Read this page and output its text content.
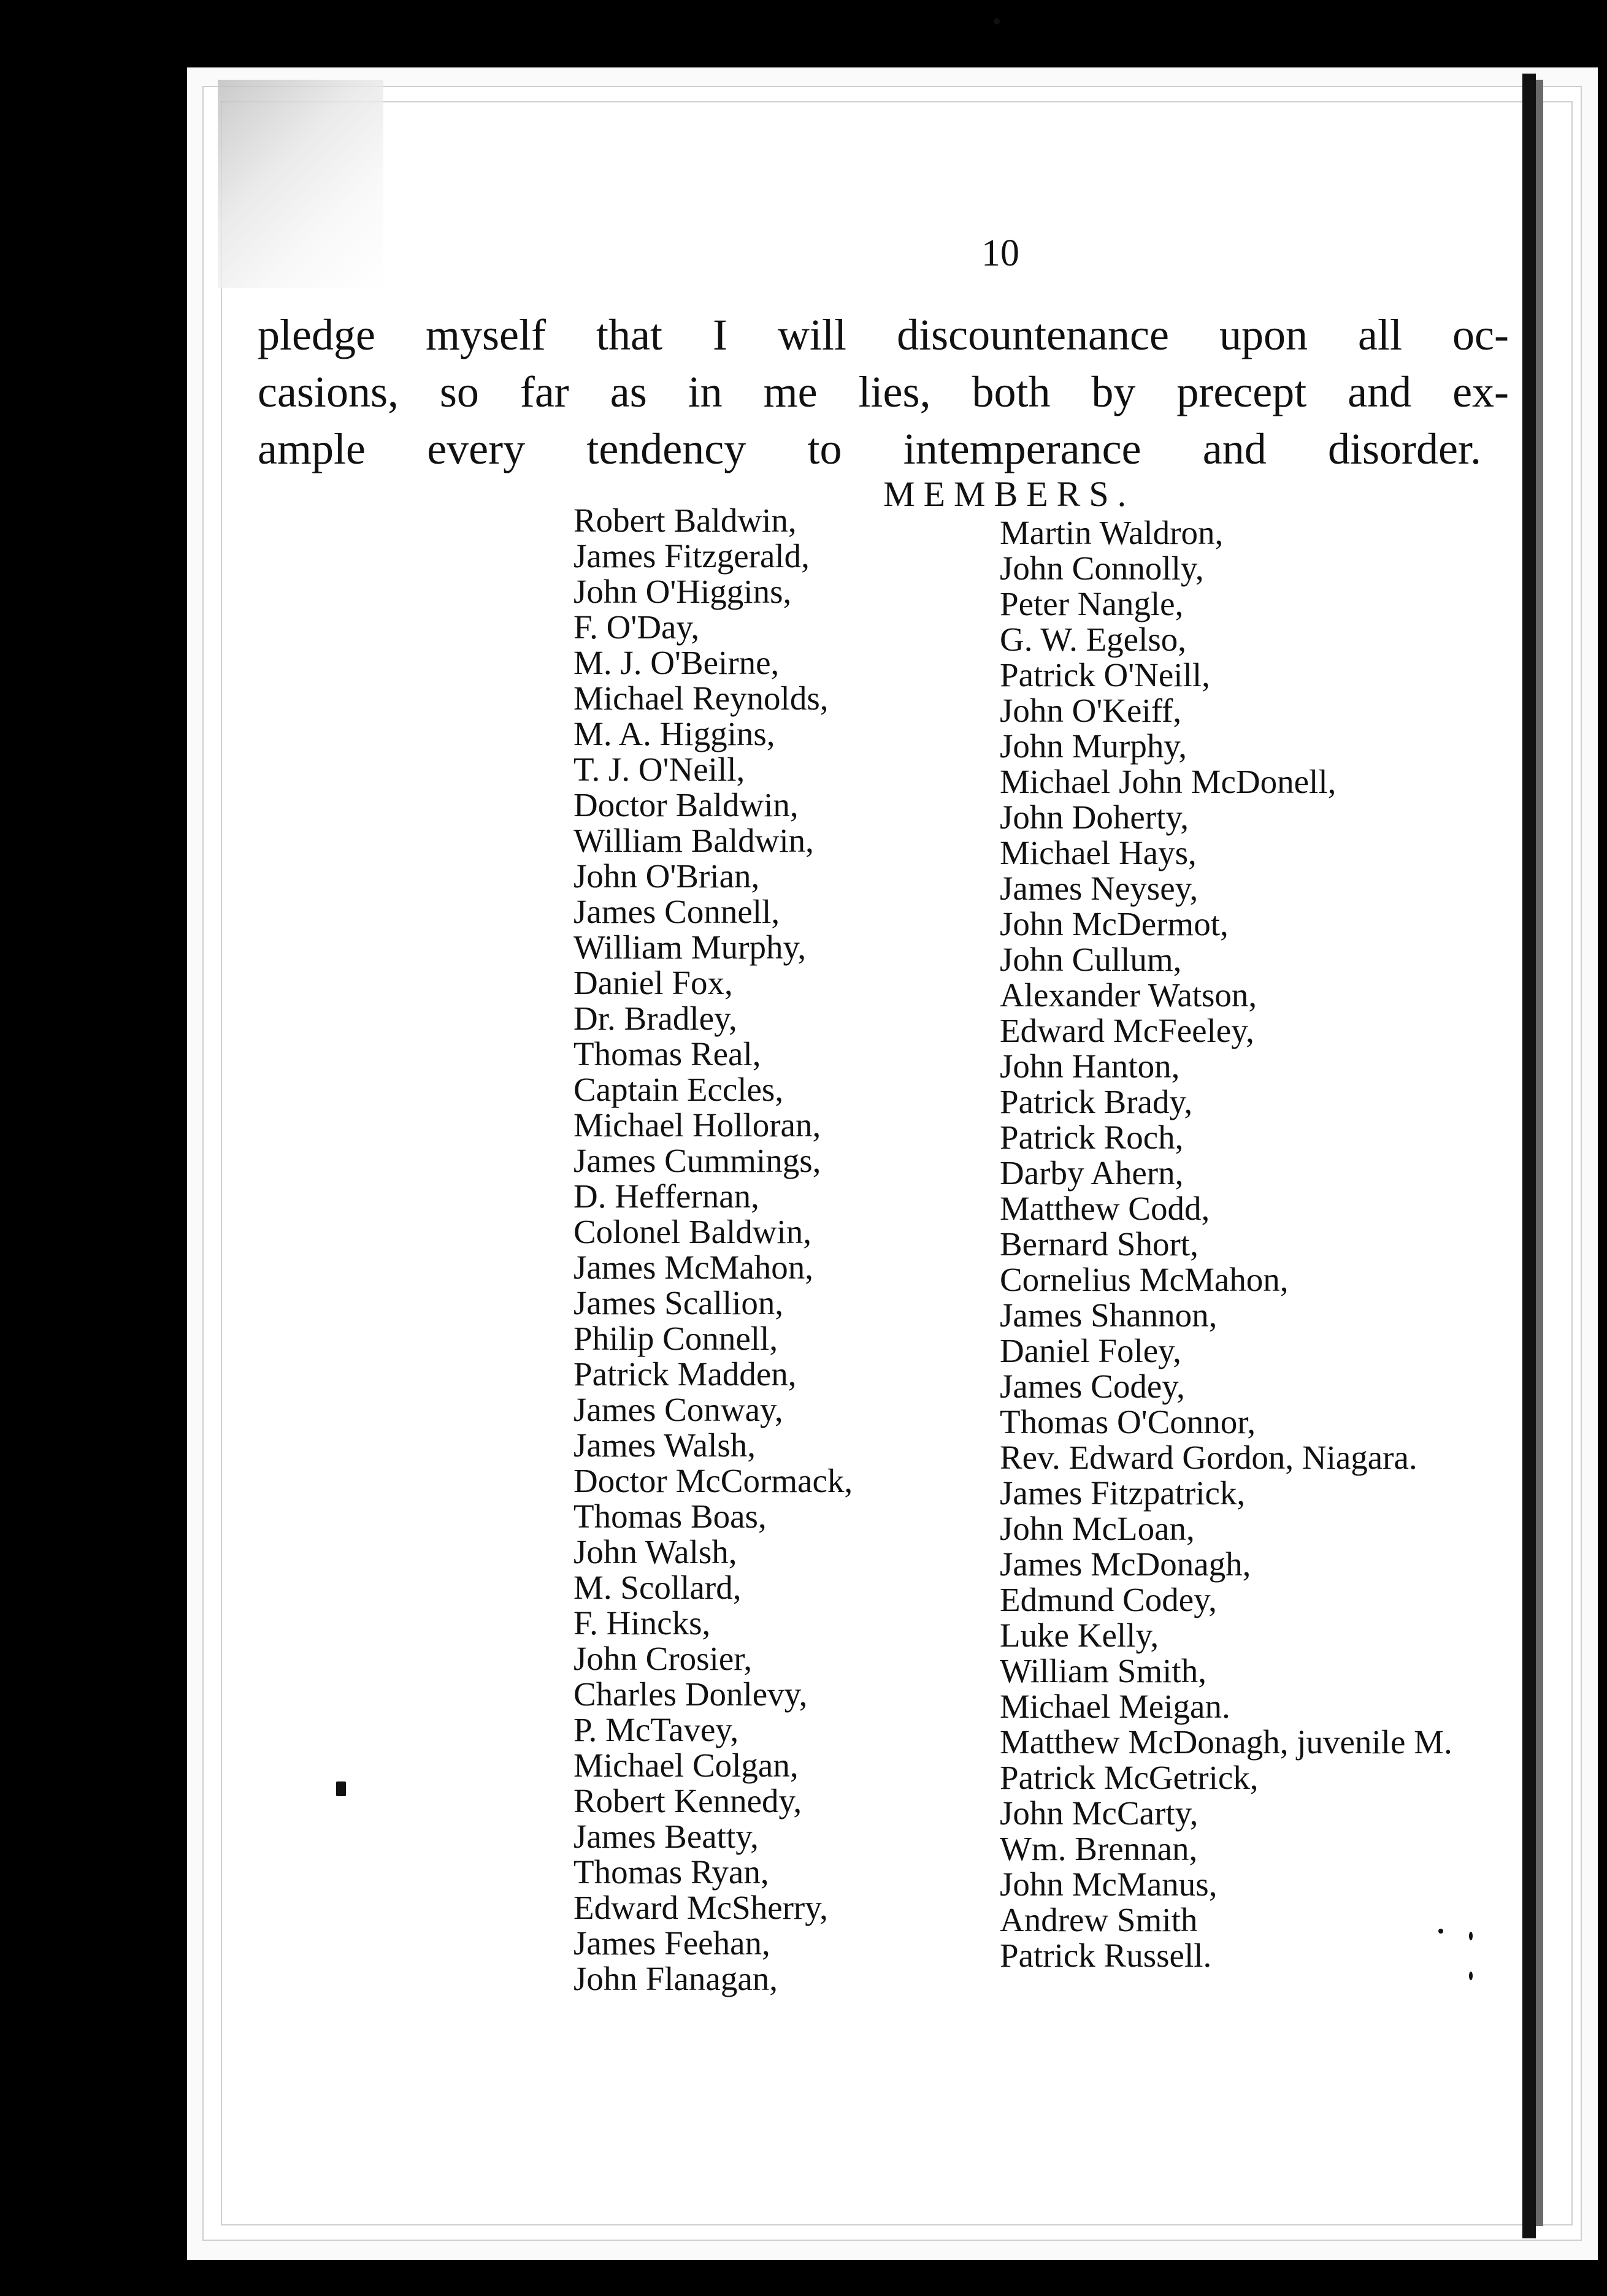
10

pledge myself that I will discountenance upon all oc-
casions, so far as in me lies, both by precept and ex-
ample every tendency to intemperance and disorder.

MEMBERS.
Robert Baldwin,
James Fitzgerald,
John O'Higgins,
F. O'Day,
M. J. O'Beirne,
Michael Reynolds,
M. A. Higgins,
T. J. O'Neill,
Doctor Baldwin,
William Baldwin,
John O'Brian,
James Connell,
William Murphy,
Daniel Fox,
Dr. Bradley,
Thomas Real,
Captain Eccles,
Michael Holloran,
James Cummings,
D. Heffernan,
Colonel Baldwin,
James McMahon,
James Scallion,
Philip Connell,
Patrick Madden,
James Conway,
James Walsh,
Doctor McCormack,
Thomas Boas,
John Walsh,
M. Scollard,
F. Hincks,
John Crosier,
Charles Donlevy,
P. McTavey,
Michael Colgan,
Robert Kennedy,
James Beatty,
Thomas Ryan,
Edward McSherry,
James Feehan,
John Flanagan,
Martin Waldron,
John Connolly,
Peter Nangle,
G. W. Egelso,
Patrick O'Neill,
John O'Keiff,
John Murphy,
Michael John McDonell,
John Doherty,
Michael Hays,
James Neysey,
John McDermot,
John Cullum,
Alexander Watson,
Edward McFeeley,
John Hanton,
Patrick Brady,
Patrick Roch,
Darby Ahern,
Matthew Codd,
Bernard Short,
Cornelius McMahon,
James Shannon,
Daniel Foley,
James Codey,
Thomas O'Connor,
Rev. Edward Gordon, Niagara.
James Fitzpatrick,
John McLoan,
James McDonagh,
Edmund Codey,
Luke Kelly,
William Smith,
Michael Meigan.
Matthew McDonagh, juvenile M.
Patrick McGetrick,
John McCarty,
Wm. Brennan,
John McManus,
Andrew Smith
Patrick Russell.
